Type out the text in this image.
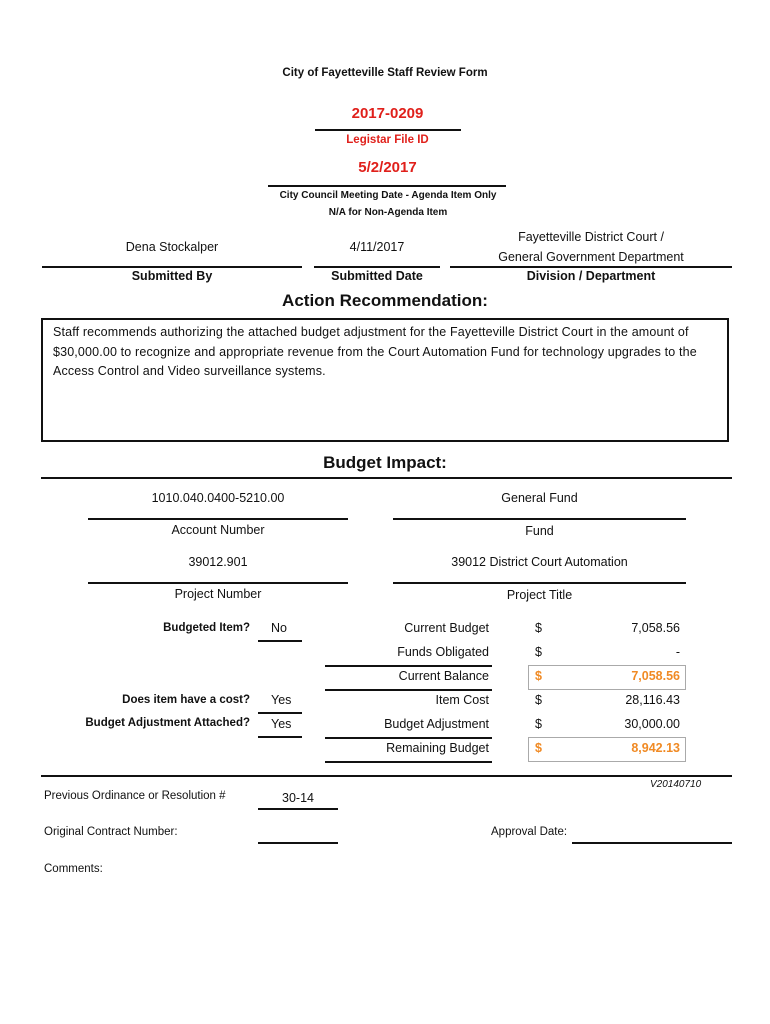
City of Fayetteville Staff Review Form
2017-0209
Legistar File ID
5/2/2017
City Council Meeting Date - Agenda Item Only
N/A for Non-Agenda Item
Dena Stockalper
Submitted By
4/11/2017
Submitted Date
Fayetteville District Court /
General Government Department
Division / Department
Action Recommendation:
Staff recommends authorizing the attached budget adjustment for the Fayetteville District Court in the amount of $30,000.00 to recognize and appropriate revenue from the Court Automation Fund for technology upgrades to the Access Control and Video surveillance systems.
Budget Impact:
1010.040.0400-5210.00
Account Number
General Fund
Fund
39012.901
Project Number
39012 District Court Automation
Project Title
Budgeted Item? No
Does item have a cost? Yes
Budget Adjustment Attached? Yes
Current Budget	$	7,058.56
Funds Obligated	$	-
Current Balance	$	7,058.56
Item Cost	$	28,116.43
Budget Adjustment	$	30,000.00
Remaining Budget	$	8,942.13
V20140710
Previous Ordinance or Resolution #	30-14
Original Contract Number:	Approval Date:
Comments:
